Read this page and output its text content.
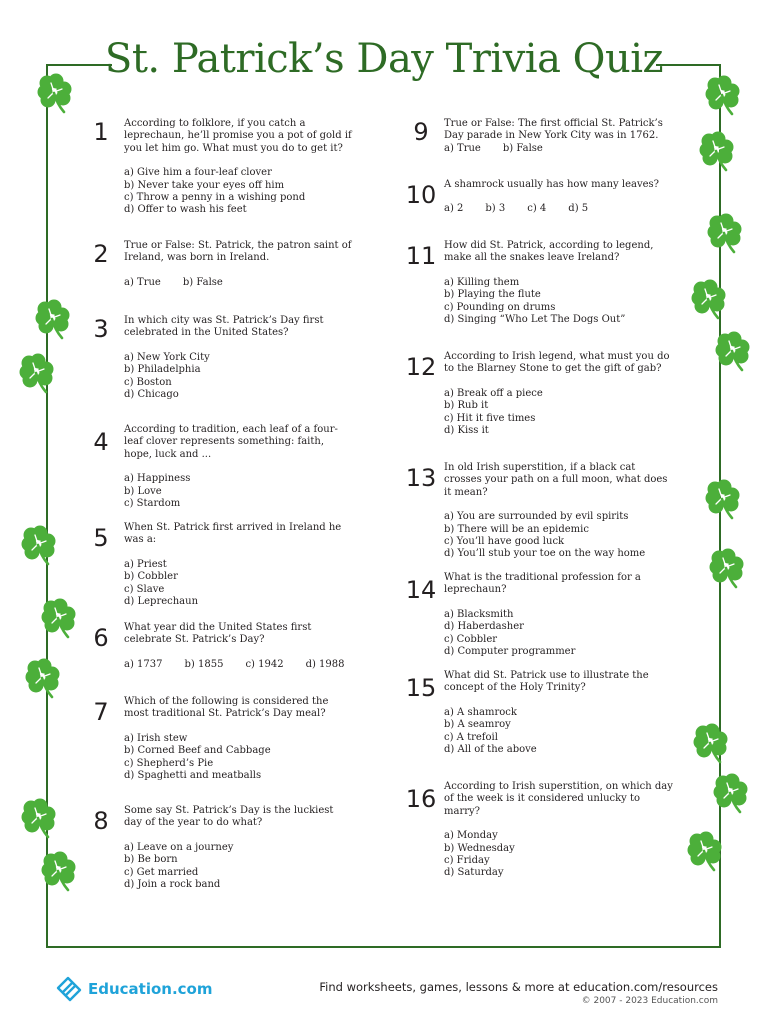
St. Patrick’s Day Trivia Quiz
1	According to folklore, if you catch a leprechaun, he’ll promise you a pot of gold if you let him go. What must you do to get it?
a) Give him a four-leaf clover
b) Never take your eyes off him
c) Throw a penny in a wishing pond
d) Offer to wash his feet
2	True or False: St. Patrick, the patron saint of Ireland, was born in Ireland.
a) True b) False
3	In which city was St. Patrick’s Day first celebrated in the United States?
a) New York City
b) Philadelphia
c) Boston
d) Chicago
4	According to tradition, each leaf of a four-leaf clover represents something: faith, hope, luck and ...
a) Happiness
b) Love
c) Stardom
5	When St. Patrick first arrived in Ireland he was a:
a) Priest
b) Cobbler
c) Slave
d) Leprechaun
6	What year did the United States first celebrate St. Patrick’s Day?
a) 1737 b) 1855 c) 1942 d) 1988
7	Which of the following is considered the most traditional St. Patrick’s Day meal?
a) Irish stew
b) Corned Beef and Cabbage
c) Shepherd’s Pie
d) Spaghetti and meatballs
8	Some say St. Patrick’s Day is the luckiest day of the year to do what?
a) Leave on a journey
b) Be born
c) Get married
d) Join a rock band
9	True or False: The first official St. Patrick’s Day parade in New York City was in 1762.
a) True b) False
10 A shamrock usually has how many leaves?
a) 2 b) 3 c) 4 d) 5
11 How did St. Patrick, according to legend, make all the snakes leave Ireland?
a) Killing them
b) Playing the flute
c) Pounding on drums
d) Singing “Who Let The Dogs Out”
12 According to Irish legend, what must you do to the Blarney Stone to get the gift of gab?
a) Break off a piece
b) Rub it
c) Hit it five times
d) Kiss it
13 In old Irish superstition, if a black cat crosses your path on a full moon, what does it mean?
a) You are surrounded by evil spirits
b) There will be an epidemic
c) You’ll have good luck
d) You’ll stub your toe on the way home
14 What is the traditional profession for a leprechaun?
a) Blacksmith
d) Haberdasher
c) Cobbler
d) Computer programmer
15 What did St. Patrick use to illustrate the concept of the Holy Trinity?
a) A shamrock
b) A seamroy
c) A trefoil
d) All of the above
16 According to Irish superstition, on which day of the week is it considered unlucky to marry?
a) Monday
b) Wednesday
c) Friday
d) Saturday
Education.com	Find worksheets, games, lessons & more at education.com/resources
© 2007 - 2023 Education.com
